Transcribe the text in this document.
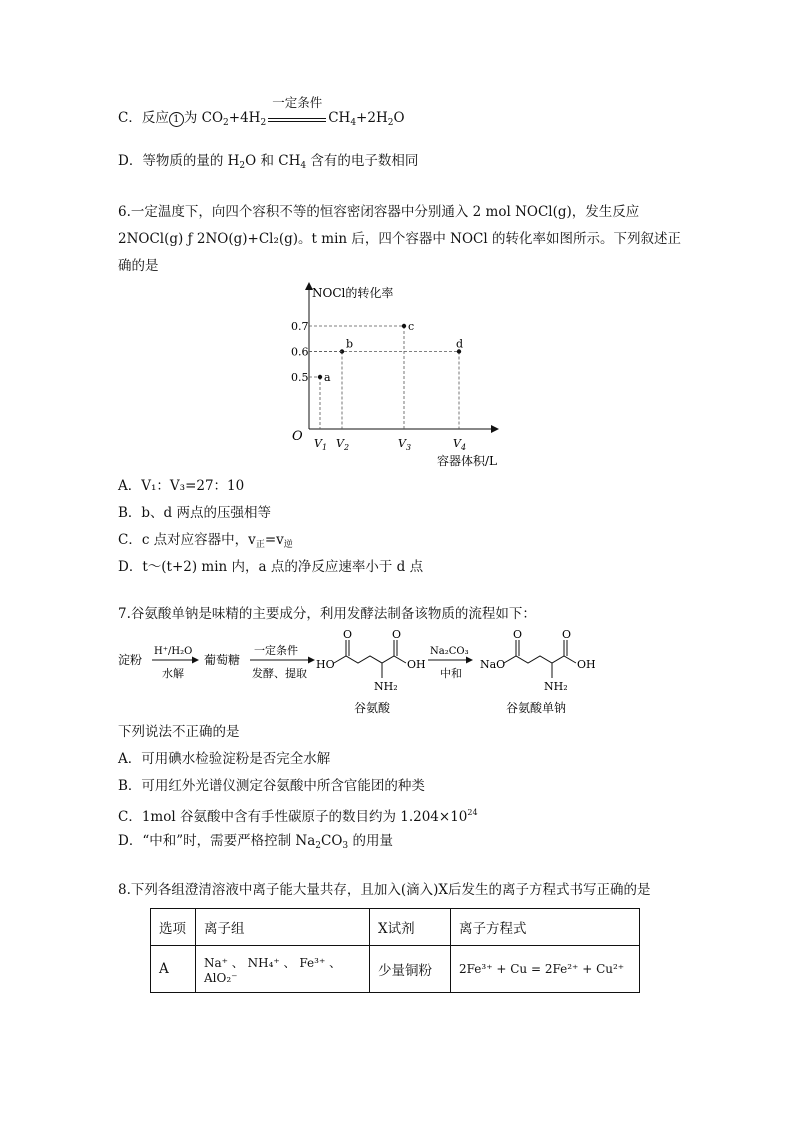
C．反应 1 为 $CO_2+4H_2$
一定条件
$CH_4+2H_2O$
D．等物质的量的 $H_2O$ 和 $CH_4$ 含有的电子数相同
6.一定温度下，向四个容积不等的恒容密闭容器中分别通入 2 mol NOCl(g)，发生反应
2NOCl(g) ƒ 2NO(g)+Cl₂(g)。t min 后，四个容器中 NOCl 的转化率如图所示。下列叙述正
确的是
NOCl的转化率
容器体积/L
O
0.5
0.6
0.7
$V_1$ $V_2$	$V_3$	$V_4$
a
b
c
d
A．V₁：V₃=27：10
B．b、d 两点的压强相等
C．c 点对应容器中，$v_正=v_逆$
D．t～(t+2) min 内，a 点的净反应速率小于 d 点
7.谷氨酸单钠是味精的主要成分，利用发酵法制备该物质的流程如下：
淀粉
H⁺/H₂O
水解
葡萄糖
一定条件
发酵、提取
HO
O	O
OH
NH₂
谷氨酸
Na₂CO₃
中和
NaO
O	O
OH
NH₂
谷氨酸单钠
下列说法不正确的是
A．可用碘水检验淀粉是否完全水解
B．可用红外光谱仪测定谷氨酸中所含官能团的种类
C．1mol 谷氨酸中含有手性碳原子的数目约为 $1.204\times 10^{24}$
D．“中和”时，需要严格控制 $Na_2CO_3$ 的用量
8.下列各组澄清溶液中离子能大量共存，且加入(滴入)X后发生的离子方程式书写正确的是
选项	离子组	X试剂	离子方程式
A	Na⁺ 、 NH₄⁺ 、 Fe³⁺ 、 AlO₂⁻	少量铜粉	2Fe³⁺ + Cu = 2Fe²⁺ + Cu²⁺
